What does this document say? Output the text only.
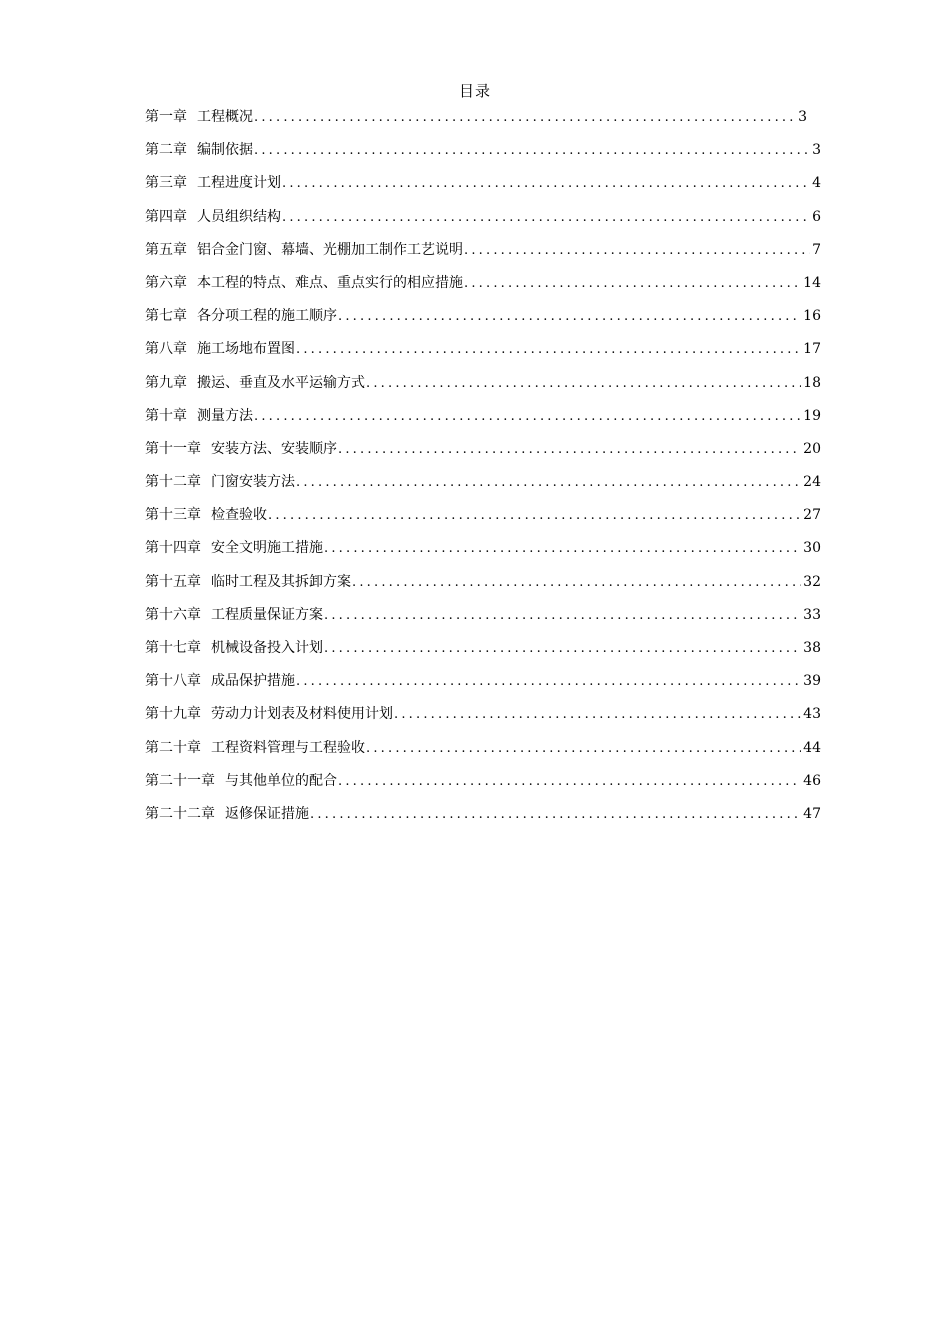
目录
第一章 工程概况 .....	3
第二章 编制依据 .....	3
第三章 工程进度计划 .....	4
第四章 人员组织结构 .....	6
第五章 铝合金门窗、幕墙、光棚加工制作工艺说明 .....	7
第六章 本工程的特点、难点、重点实行的相应措施 .....	14
第七章 各分项工程的施工顺序 .....	16
第八章 施工场地布置图 .....	17
第九章 搬运、垂直及水平运输方式 .....	18
第十章 测量方法 .....	19
第十一章 安装方法、安装顺序 .....	20
第十二章 门窗安装方法 .....	24
第十三章 检查验收 .....	27
第十四章 安全文明施工措施 .....	30
第十五章 临时工程及其拆卸方案 .....	32
第十六章 工程质量保证方案 .....	33
第十七章 机械设备投入计划 .....	38
第十八章 成品保护措施 .....	39
第十九章 劳动力计划表及材料使用计划 .....	43
第二十章 工程资料管理与工程验收 .....	44
第二十一章 与其他单位的配合 .....	46
第二十二章 返修保证措施 .....	47
